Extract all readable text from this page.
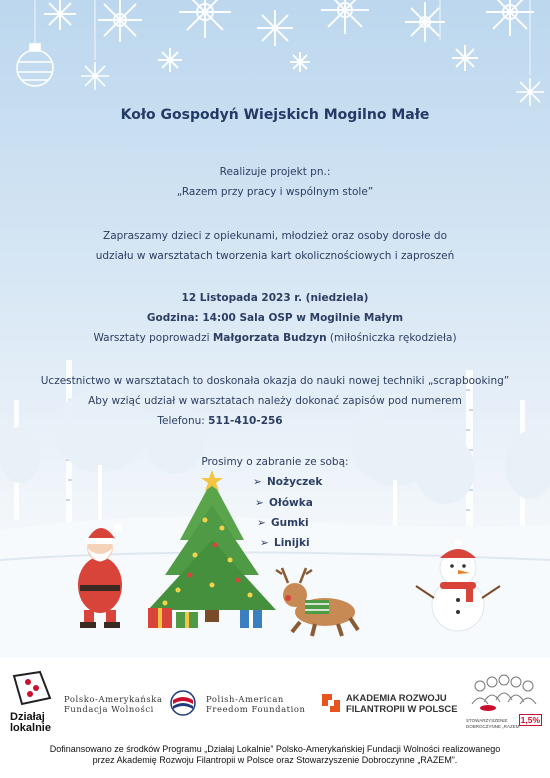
Koło Gospodyń Wiejskich Mogilno Małe
Realizuje projekt pn.:
„Razem przy pracy i wspólnym stole”
Zapraszamy dzieci z opiekunami, młodzież oraz osoby dorosłe do
udziału w warsztatach tworzenia kart okolicznościowych i zaproszeń
12 Listopada 2023 r. (niedziela)
Godzina: 14:00 Sala OSP w Mogilnie Małym
Warsztaty poprowadzi Małgorzata Budzyn (miłośniczka rękodzieła)
Uczestnictwo w warsztatach to doskonała okazja do nauki nowej techniki „scrapbooking”
Aby wziąć udział w warsztatach należy dokonać zapisów pod numerem
Telefonu: 511-410-256
Prosimy o zabranie ze sobą:
➢ Nożyczek
➢ Ołówka
➢ Gumki
➢ Linijki
Działaj
lokalnie
Polsko-Amerykańska
Fundacja Wolności
Polish-American
Freedom Foundation
AKADEMIA ROZWOJU
FILANTROPII W POLSCE
STOWARZYSZENIE
DOBROCZYNNE „RAZEM”
1,5%
Dofinansowano ze środków Programu „Działaj Lokalnie” Polsko-Amerykańskiej Fundacji Wolności realizowanego
przez Akademię Rozwoju Filantropii w Polsce oraz Stowarzyszenie Dobroczynne „RAZEM”.
